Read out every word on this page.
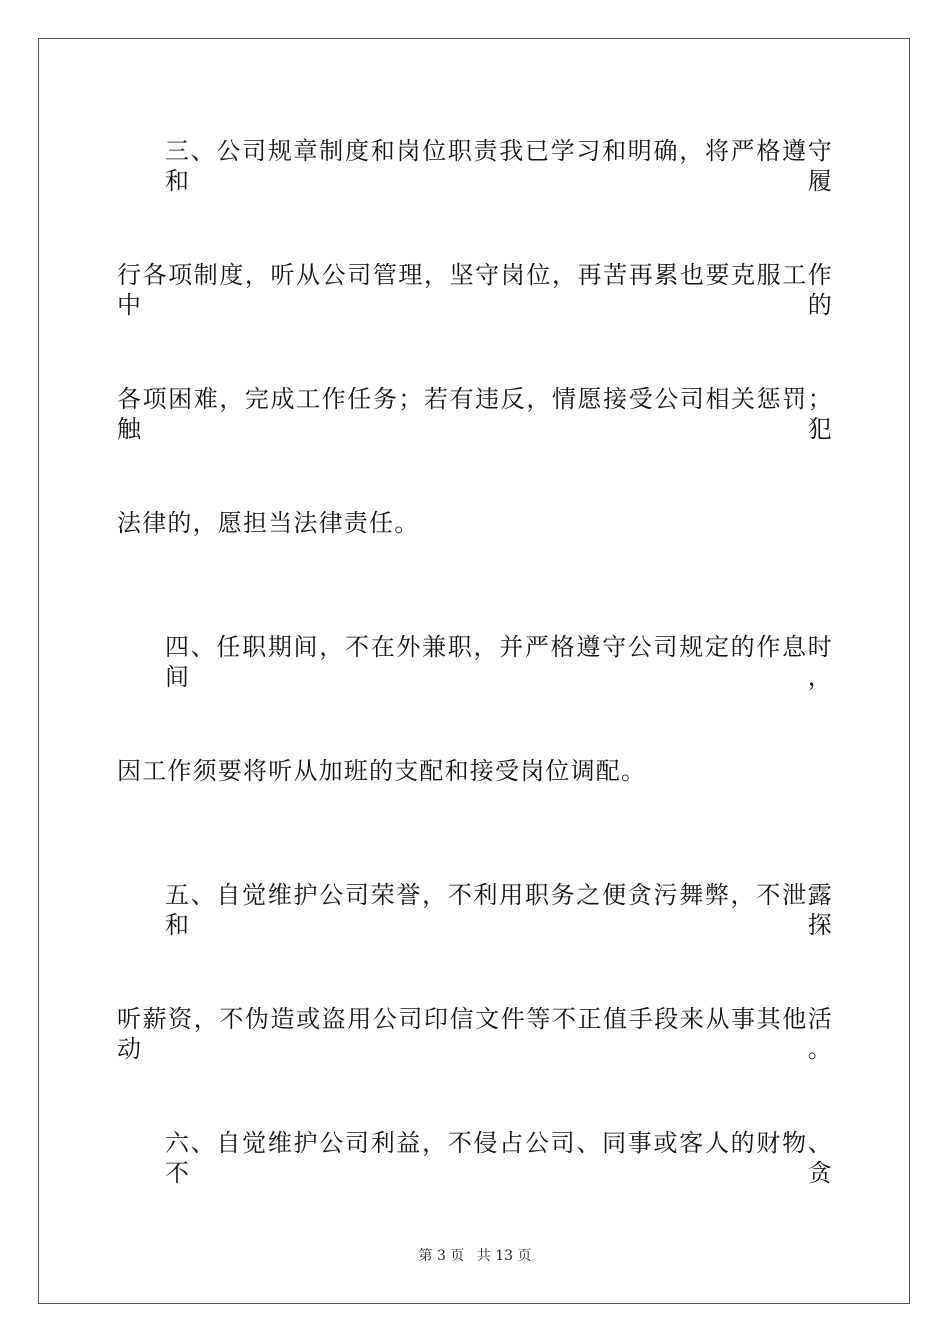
三、公司规章制度和岗位职责我已学习和明确，将严格遵守和履
行各项制度，听从公司管理，坚守岗位，再苦再累也要克服工作中的
各项困难，完成工作任务；若有违反，情愿接受公司相关惩罚；触犯
法律的，愿担当法律责任。
四、任职期间，不在外兼职，并严格遵守公司规定的作息时间，
因工作须要将听从加班的支配和接受岗位调配。
五、自觉维护公司荣誉，不利用职务之便贪污舞弊，不泄露和探
听薪资，不伪造或盗用公司印信文件等不正值手段来从事其他活动。
六、自觉维护公司利益，不侵占公司、同事或客人的财物、不贪
第 3 页 共 13 页
